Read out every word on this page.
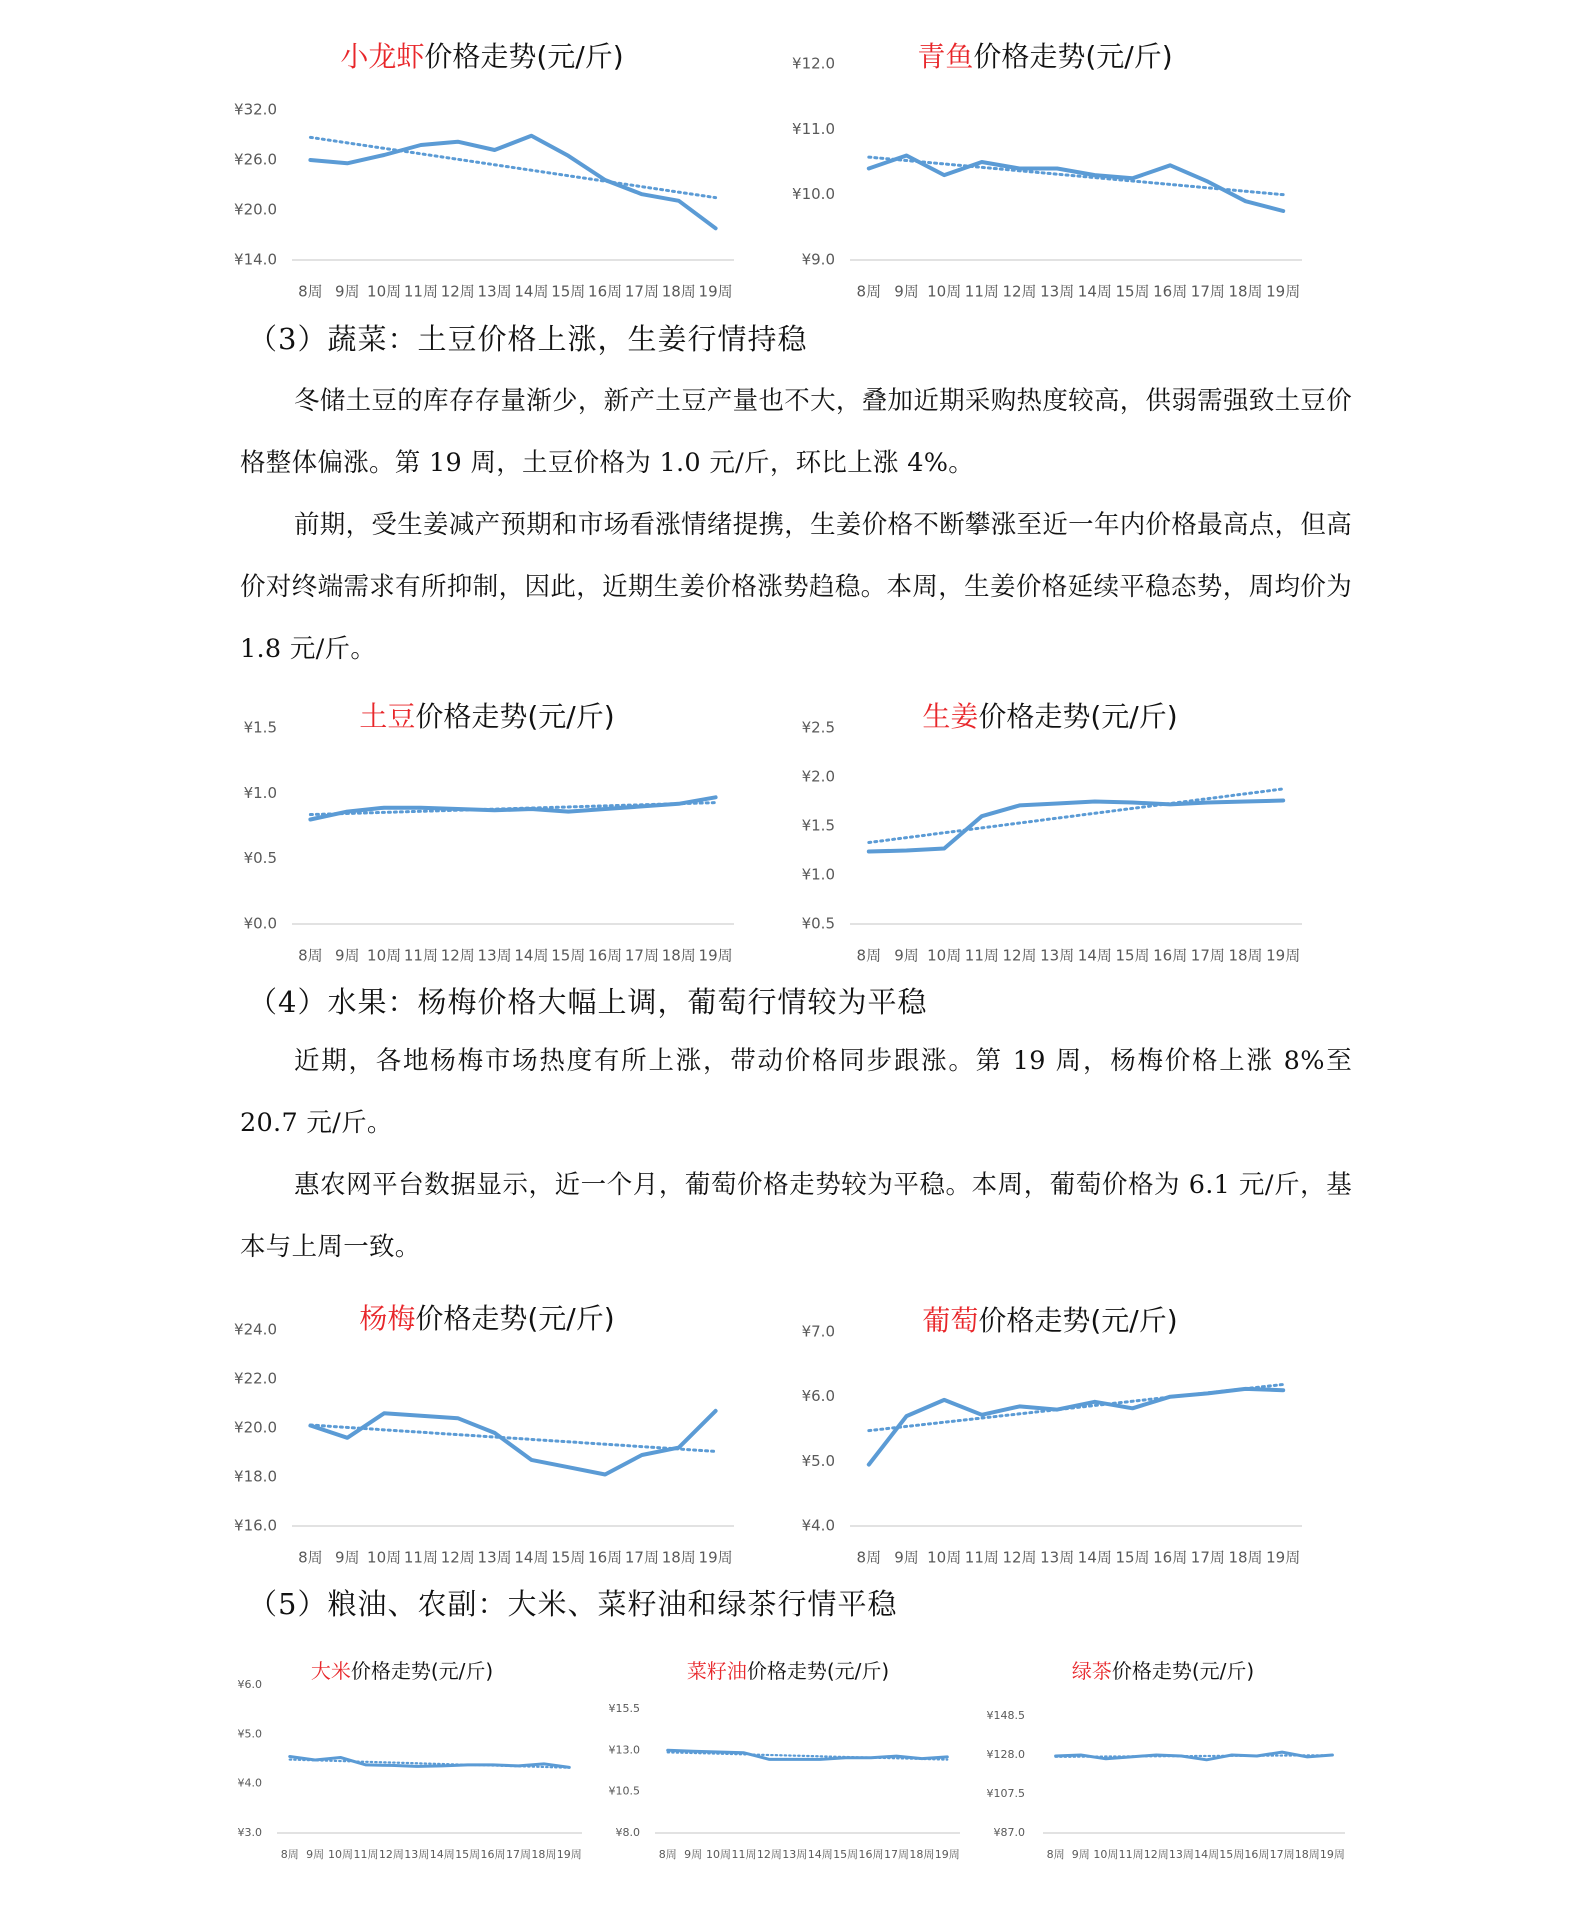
小龙虾价格走势(元/斤)
¥14.0
¥20.0
¥26.0
¥32.0
8周 9周 10周 11周 12周 13周 14周 15周 16周 17周 18周 19周
青鱼价格走势(元/斤)
¥9.0
¥10.0
¥11.0
¥12.0
8周 9周 10周 11周 12周 13周 14周 15周 16周 17周 18周 19周
（3）蔬菜：土豆价格上涨，生姜行情持稳

冬储土豆的库存存量渐少，新产土豆产量也不大，叠加近期采购热度较高，供弱需强致土豆价格整体偏涨。第 19 周，土豆价格为 1.0 元/斤，环比上涨 4%。

前期，受生姜减产预期和市场看涨情绪提携，生姜价格不断攀涨至近一年内价格最高点，但高价对终端需求有所抑制，因此，近期生姜价格涨势趋稳。本周，生姜价格延续平稳态势，周均价为 1.8 元/斤。

土豆价格走势(元/斤)
¥0.0
¥0.5
¥1.0
¥1.5
8周 9周 10周 11周 12周 13周 14周 15周 16周 17周 18周 19周
生姜价格走势(元/斤)
¥0.5
¥1.0
¥1.5
¥2.0
¥2.5
8周 9周 10周 11周 12周 13周 14周 15周 16周 17周 18周 19周
（4）水果：杨梅价格大幅上调，葡萄行情较为平稳

近期，各地杨梅市场热度有所上涨，带动价格同步跟涨。第 19 周，杨梅价格上涨 8%至 20.7 元/斤。

惠农网平台数据显示，近一个月，葡萄价格走势较为平稳。本周，葡萄价格为 6.1 元/斤，基本与上周一致。

杨梅价格走势(元/斤)
¥16.0
¥18.0
¥20.0
¥22.0
¥24.0
8周 9周 10周 11周 12周 13周 14周 15周 16周 17周 18周 19周
葡萄价格走势(元/斤)
¥4.0
¥5.0
¥6.0
¥7.0
8周 9周 10周 11周 12周 13周 14周 15周 16周 17周 18周 19周
（5）粮油、农副：大米、菜籽油和绿茶行情平稳
大米价格走势(元/斤)
¥3.0
¥4.0
¥5.0
¥6.0
8周 9周 10周 11周 12周 13周 14周 15周 16周 17周 18周 19周
菜籽油价格走势(元/斤)
¥8.0
¥10.5
¥13.0
¥15.5
8周 9周 10周 11周 12周 13周 14周 15周 16周 17周 18周 19周
绿茶价格走势(元/斤)
¥87.0
¥107.5
¥128.0
¥148.5
8周 9周 10周 11周 12周 13周 14周 15周 16周 17周 18周 19周
